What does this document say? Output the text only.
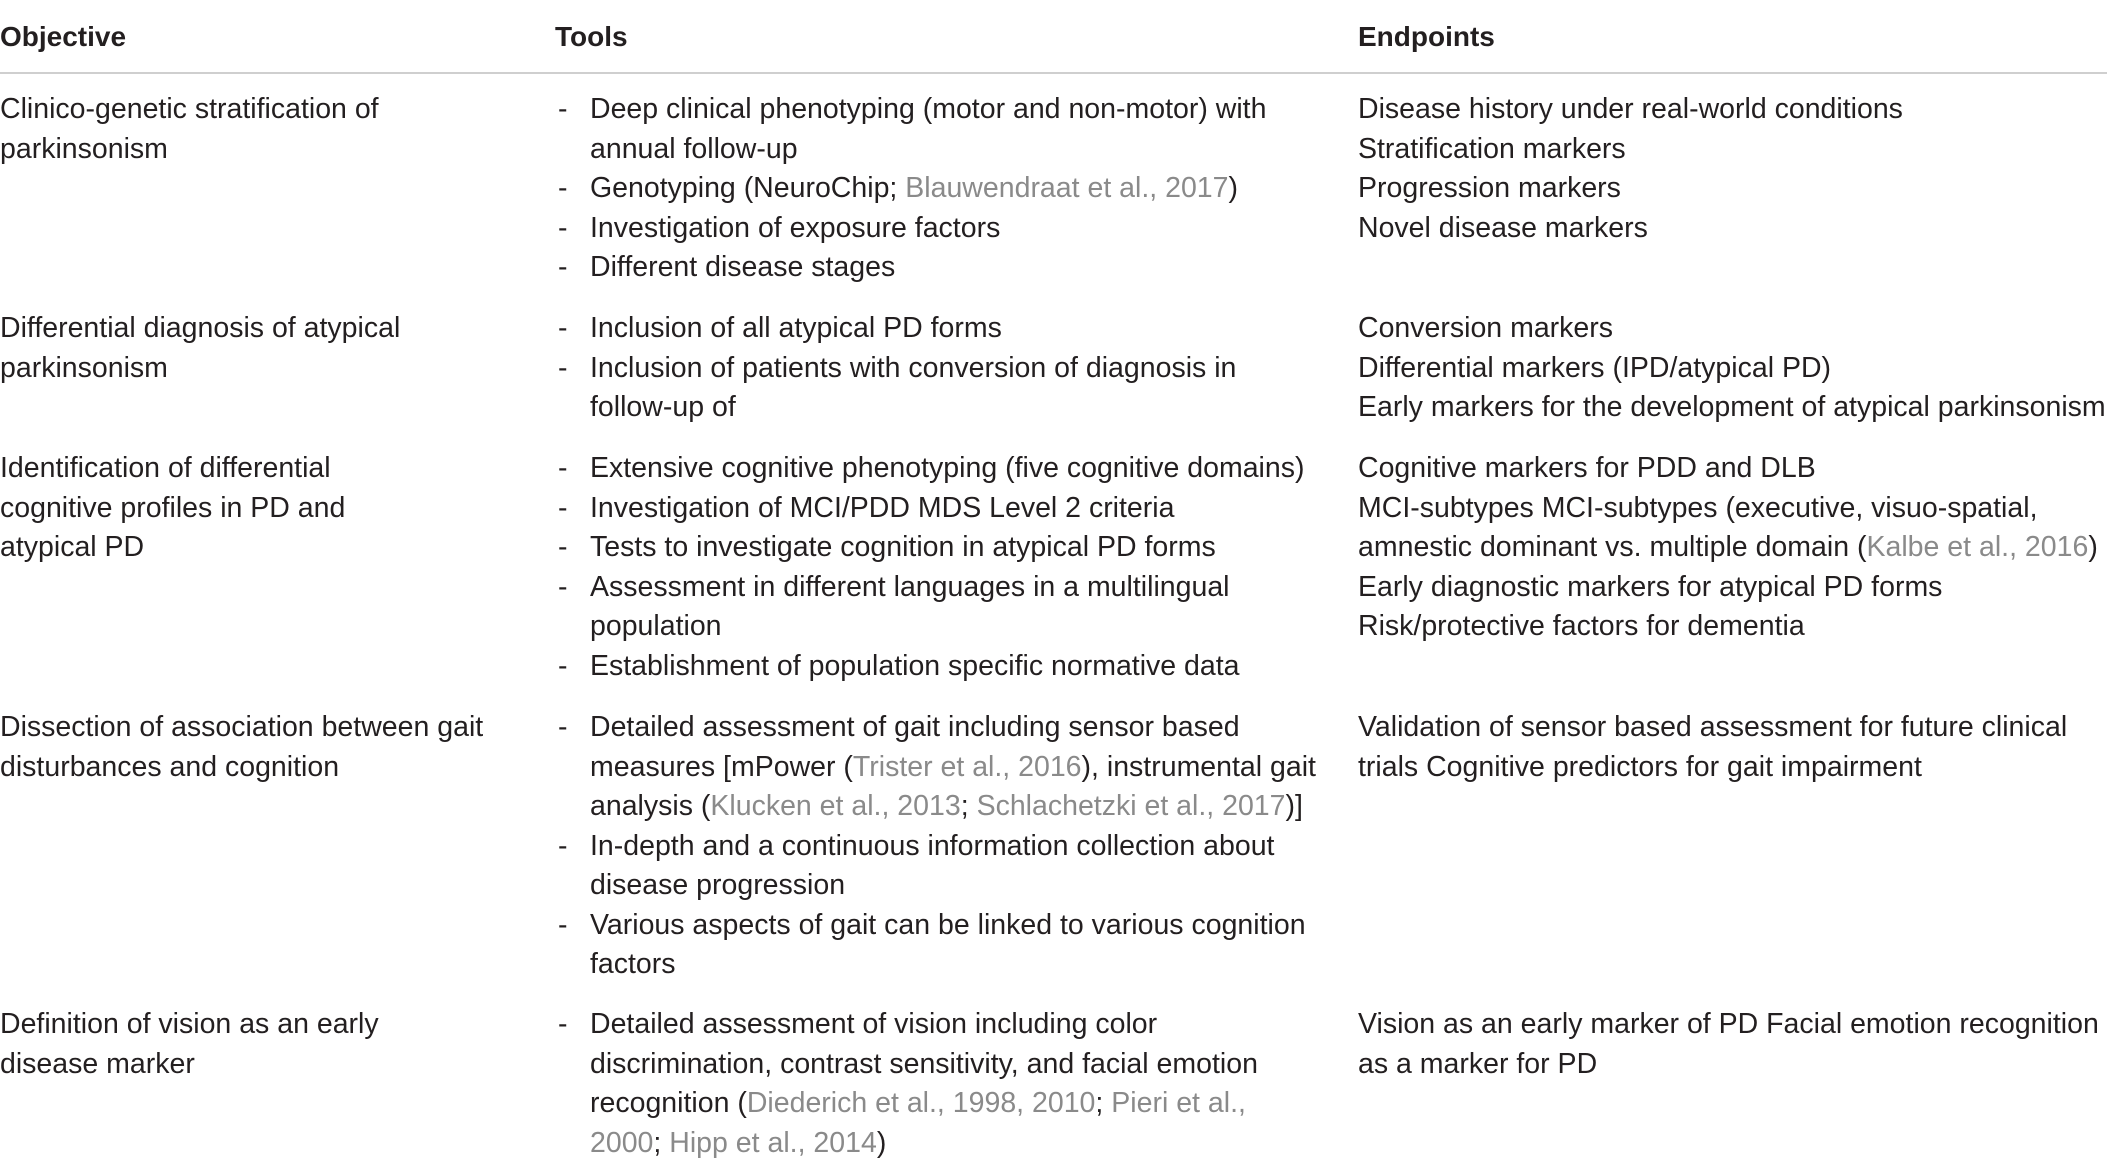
Objective	Tools	Endpoints
Clinico-genetic stratification of parkinsonism
- Deep clinical phenotyping (motor and non-motor) with annual follow-up
- Genotyping (NeuroChip; Blauwendraat et al., 2017)
- Investigation of exposure factors
- Different disease stages
Disease history under real-world conditions
Stratification markers
Progression markers
Novel disease markers
Differential diagnosis of atypical parkinsonism
- Inclusion of all atypical PD forms
- Inclusion of patients with conversion of diagnosis in follow-up of
Conversion markers
Differential markers (IPD/atypical PD)
Early markers for the development of atypical parkinsonism
Identification of differential cognitive profiles in PD and atypical PD
- Extensive cognitive phenotyping (five cognitive domains)
- Investigation of MCI/PDD MDS Level 2 criteria
- Tests to investigate cognition in atypical PD forms
- Assessment in different languages in a multilingual population
- Establishment of population specific normative data
Cognitive markers for PDD and DLB
MCI-subtypes MCI-subtypes (executive, visuo-spatial, amnestic dominant vs. multiple domain (Kalbe et al., 2016)
Early diagnostic markers for atypical PD forms
Risk/protective factors for dementia
Dissection of association between gait disturbances and cognition
- Detailed assessment of gait including sensor based measures [mPower (Trister et al., 2016), instrumental gait analysis (Klucken et al., 2013; Schlachetzki et al., 2017)]
- In-depth and a continuous information collection about disease progression
- Various aspects of gait can be linked to various cognition factors
Validation of sensor based assessment for future clinical trials Cognitive predictors for gait impairment
Definition of vision as an early disease marker
- Detailed assessment of vision including color discrimination, contrast sensitivity, and facial emotion recognition (Diederich et al., 1998, 2010; Pieri et al., 2000; Hipp et al., 2014)
Vision as an early marker of PD Facial emotion recognition as a marker for PD
